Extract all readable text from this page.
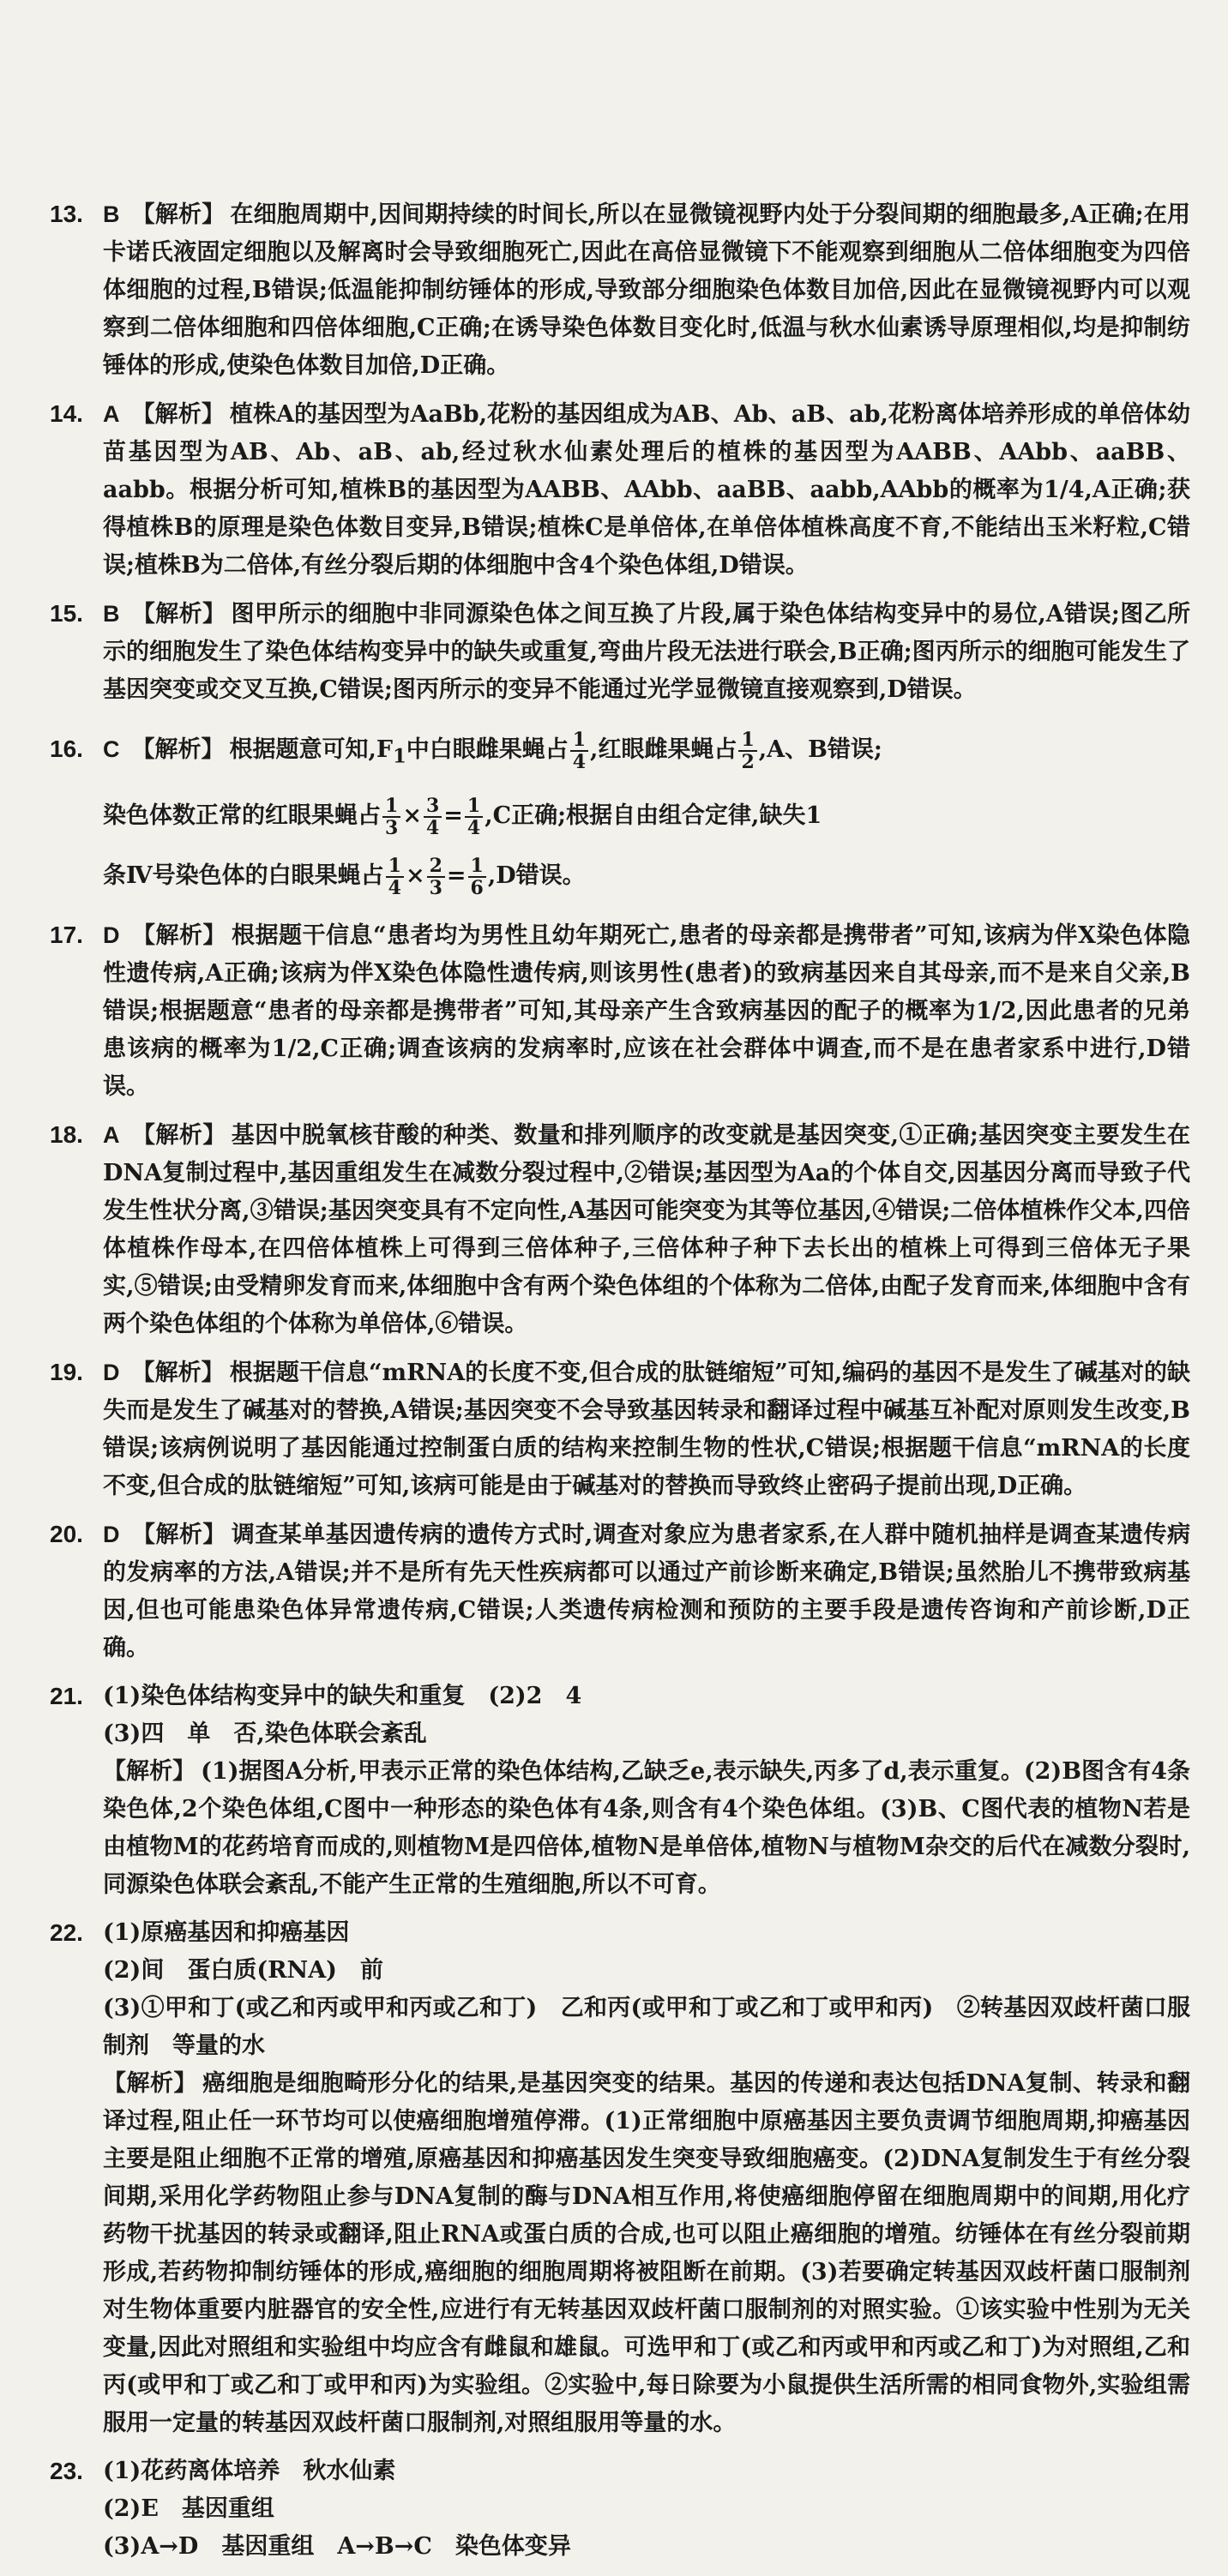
13. B 【解析】 在细胞周期中,因间期持续的时间长,所以在显微镜视野内处于分裂间期的细胞最多,A正确;在用卡诺氏液固定细胞以及解离时会导致细胞死亡,因此在高倍显微镜下不能观察到细胞从二倍体细胞变为四倍体细胞的过程,B错误;低温能抑制纺锤体的形成,导致部分细胞染色体数目加倍,因此在显微镜视野内可以观察到二倍体细胞和四倍体细胞,C正确;在诱导染色体数目变化时,低温与秋水仙素诱导原理相似,均是抑制纺锤体的形成,使染色体数目加倍,D正确。
14. A 【解析】 植株A的基因型为AaBb,花粉的基因组成为AB、Ab、aB、ab,花粉离体培养形成的单倍体幼苗基因型为AB、Ab、aB、ab,经过秋水仙素处理后的植株的基因型为AABB、AAbb、aaBB、aabb。根据分析可知,植株B的基因型为AABB、AAbb、aaBB、aabb,AAbb的概率为1/4,A正确;获得植株B的原理是染色体数目变异,B错误;植株C是单倍体,在单倍体植株高度不育,不能结出玉米籽粒,C错误;植株B为二倍体,有丝分裂后期的体细胞中含4个染色体组,D错误。
15. B 【解析】 图甲所示的细胞中非同源染色体之间互换了片段,属于染色体结构变异中的易位,A错误;图乙所示的细胞发生了染色体结构变异中的缺失或重复,弯曲片段无法进行联会,B正确;图丙所示的细胞可能发生了基因突变或交叉互换,C错误;图丙所示的变异不能通过光学显微镜直接观察到,D错误。
16. C 【解析】 根据题意可知$,F_1$中白眼雌果蝇占 $\frac{1}{4}$ ,红眼雌果蝇占 $\frac{1}{2} ,A$、B错误;
染色体数正常的红眼果蝇占 $\frac{1}{3} \times \frac{3}{4} = \frac{1}{4} ,C$正确;根据自由组合定律,缺失1
条Ⅳ号染色体的白眼果蝇占 $\frac{1}{4} \times \frac{2}{3} = \frac{1}{6} ,D$错误。
17. D 【解析】 根据题干信息“患者均为男性且幼年期死亡,患者的母亲都是携带者”可知,该病为伴X染色体隐性遗传病,A正确;该病为伴X染色体隐性遗传病,则该男性(患者)的致病基因来自其母亲,而不是来自父亲,B错误;根据题意“患者的母亲都是携带者”可知,其母亲产生含致病基因的配子的概率为1/2,因此患者的兄弟患该病的概率为1/2,C正确;调查该病的发病率时,应该在社会群体中调查,而不是在患者家系中进行,D错误。
18. A 【解析】 基因中脱氧核苷酸的种类、数量和排列顺序的改变就是基因突变,①正确;基因突变主要发生在DNA复制过程中,基因重组发生在减数分裂过程中,②错误;基因型为Aa的个体自交,因基因分离而导致子代发生性状分离,③错误;基因突变具有不定向性,A基因可能突变为其等位基因,④错误;二倍体植株作父本,四倍体植株作母本,在四倍体植株上可得到三倍体种子,三倍体种子种下去长出的植株上可得到三倍体无子果实,⑤错误;由受精卵发育而来,体细胞中含有两个染色体组的个体称为二倍体,由配子发育而来,体细胞中含有两个染色体组的个体称为单倍体,⑥错误。
19. D 【解析】 根据题干信息“mRNA的长度不变,但合成的肽链缩短”可知,编码的基因不是发生了碱基对的缺失而是发生了碱基对的替换,A错误;基因突变不会导致基因转录和翻译过程中碱基互补配对原则发生改变,B错误;该病例说明了基因能通过控制蛋白质的结构来控制生物的性状,C错误;根据题干信息“mRNA的长度不变,但合成的肽链缩短”可知,该病可能是由于碱基对的替换而导致终止密码子提前出现,D正确。
20. D 【解析】 调查某单基因遗传病的遗传方式时,调查对象应为患者家系,在人群中随机抽样是调查某遗传病的发病率的方法,A错误;并不是所有先天性疾病都可以通过产前诊断来确定,B错误;虽然胎儿不携带致病基因,但也可能患染色体异常遗传病,C错误;人类遗传病检测和预防的主要手段是遗传咨询和产前诊断,D正确。
21. (1)染色体结构变异中的缺失和重复　(2)2　4
(3)四　单　否,染色体联会紊乱
【解析】 (1)据图A分析,甲表示正常的染色体结构,乙缺乏e,表示缺失,丙多了d,表示重复。(2)B图含有4条染色体,2个染色体组,C图中一种形态的染色体有4条,则含有4个染色体组。(3)B、C图代表的植物N若是由植物M的花药培育而成的,则植物M是四倍体,植物N是单倍体,植物N与植物M杂交的后代在减数分裂时,同源染色体联会紊乱,不能产生正常的生殖细胞,所以不可育。
22. (1)原癌基因和抑癌基因
(2)间　蛋白质(RNA)　前
(3)①甲和丁(或乙和丙或甲和丙或乙和丁)　乙和丙(或甲和丁或乙和丁或甲和丙)　②转基因双歧杆菌口服制剂　等量的水
【解析】 癌细胞是细胞畸形分化的结果,是基因突变的结果。基因的传递和表达包括DNA复制、转录和翻译过程,阻止任一环节均可以使癌细胞增殖停滞。(1)正常细胞中原癌基因主要负责调节细胞周期,抑癌基因主要是阻止细胞不正常的增殖,原癌基因和抑癌基因发生突变导致细胞癌变。(2)DNA复制发生于有丝分裂间期,采用化学药物阻止参与DNA复制的酶与DNA相互作用,将使癌细胞停留在细胞周期中的间期,用化疗药物干扰基因的转录或翻译,阻止RNA或蛋白质的合成,也可以阻止癌细胞的增殖。纺锤体在有丝分裂前期形成,若药物抑制纺锤体的形成,癌细胞的细胞周期将被阻断在前期。(3)若要确定转基因双歧杆菌口服制剂对生物体重要内脏器官的安全性,应进行有无转基因双歧杆菌口服制剂的对照实验。①该实验中性别为无关变量,因此对照组和实验组中均应含有雌鼠和雄鼠。可选甲和丁(或乙和丙或甲和丙或乙和丁)为对照组,乙和丙(或甲和丁或乙和丁或甲和丙)为实验组。②实验中,每日除要为小鼠提供生活所需的相同食物外,实验组需服用一定量的转基因双歧杆菌口服制剂,对照组服用等量的水。
23. (1)花药离体培养　秋水仙素
(2)E　基因重组
(3)A→D　基因重组　A→B→C　染色体变异
